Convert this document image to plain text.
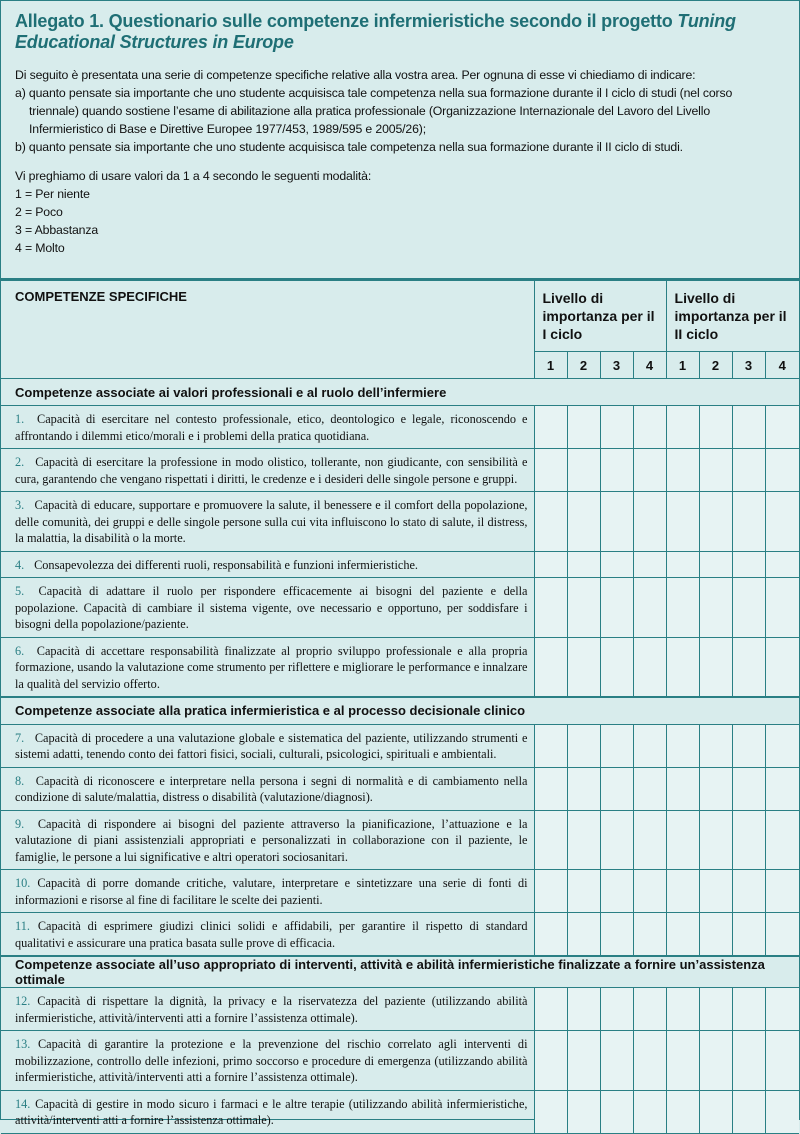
Allegato 1. Questionario sulle competenze infermieristiche secondo il progetto Tuning Educational Structures in Europe

Di seguito è presentata una serie di competenze specifiche relative alla vostra area. Per ognuna di esse vi chiediamo di indicare:

a) quanto pensate sia importante che uno studente acquisisca tale competenza nella sua formazione durante il I ciclo di studi (nel corso triennale) quando sostiene l’esame di abilitazione alla pratica professionale (Organizzazione Internazionale del Lavoro del Livello Infermieristico di Base e Direttive Europee 1977/453, 1989/595 e 2005/26);

b) quanto pensate sia importante che uno studente acquisisca tale competenza nella sua formazione durante il II ciclo di studi.

Vi preghiamo di usare valori da 1 a 4 secondo le seguenti modalità:

1 = Per niente

2 = Poco

3 = Abbastanza

4 = Molto

COMPETENZE SPECIFICHE	Livello di importanza per il I ciclo				Livello di importanza per il II ciclo			
	1	2	3	4	1	2	3	4
Competenze associate ai valori professionali e al ruolo dell’infermiere								
1. Capacità di esercitare nel contesto professionale, etico, deontologico e legale, riconoscendo e affrontando i dilemmi etico/morali e i problemi della pratica quotidiana.								
2. Capacità di esercitare la professione in modo olistico, tollerante, non giudicante, con sensibilità e cura, garantendo che vengano rispettati i diritti, le credenze e i desideri delle singole persone e gruppi.								
3. Capacità di educare, supportare e promuovere la salute, il benessere e il comfort della popolazione, delle comunità, dei gruppi e delle singole persone sulla cui vita influiscono lo stato di salute, il distress, la malattia, la disabilità o la morte.								
4. Consapevolezza dei differenti ruoli, responsabilità e funzioni infermieristiche.								
5. Capacità di adattare il ruolo per rispondere efficacemente ai bisogni del paziente e della popolazione. Capacità di cambiare il sistema vigente, ove necessario e opportuno, per soddisfare i bisogni della popolazione/paziente.								
6. Capacità di accettare responsabilità finalizzate al proprio sviluppo professionale e alla propria formazione, usando la valutazione come strumento per riflettere e migliorare le performance e innalzare la qualità del servizio offerto.								
Competenze associate alla pratica infermieristica e al processo decisionale clinico								
7. Capacità di procedere a una valutazione globale e sistematica del paziente, utilizzando strumenti e sistemi adatti, tenendo conto dei fattori fisici, sociali, culturali, psicologici, spirituali e ambientali.								
8. Capacità di riconoscere e interpretare nella persona i segni di normalità e di cambiamento nella condizione di salute/malattia, distress o disabilità (valutazione/diagnosi).								
9. Capacità di rispondere ai bisogni del paziente attraverso la pianificazione, l’attuazione e la valutazione di piani assistenziali appropriati e personalizzati in collaborazione con il paziente, le famiglie, le persone a lui significative e altri operatori sociosanitari.								
10. Capacità di porre domande critiche, valutare, interpretare e sintetizzare una serie di fonti di informazioni e risorse al fine di facilitare le scelte dei pazienti.								
11. Capacità di esprimere giudizi clinici solidi e affidabili, per garantire il rispetto di standard qualitativi e assicurare una pratica basata sulle prove di efficacia.								
Competenze associate all’uso appropriato di interventi, attività e abilità infermieristiche finalizzate a fornire un’assistenza ottimale								
12. Capacità di rispettare la dignità, la privacy e la riservatezza del paziente (utilizzando abilità infermieristiche, attività/interventi atti a fornire l’assistenza ottimale).								
13. Capacità di garantire la protezione e la prevenzione del rischio correlato agli interventi di mobilizzazione, controllo delle infezioni, primo soccorso e procedure di emergenza (utilizzando abilità infermieristiche, attività/interventi atti a fornire l’assistenza ottimale).								
14. Capacità di gestire in modo sicuro i farmaci e le altre terapie (utilizzando abilità infermieristiche, attività/interventi atti a fornire l’assistenza ottimale).								
